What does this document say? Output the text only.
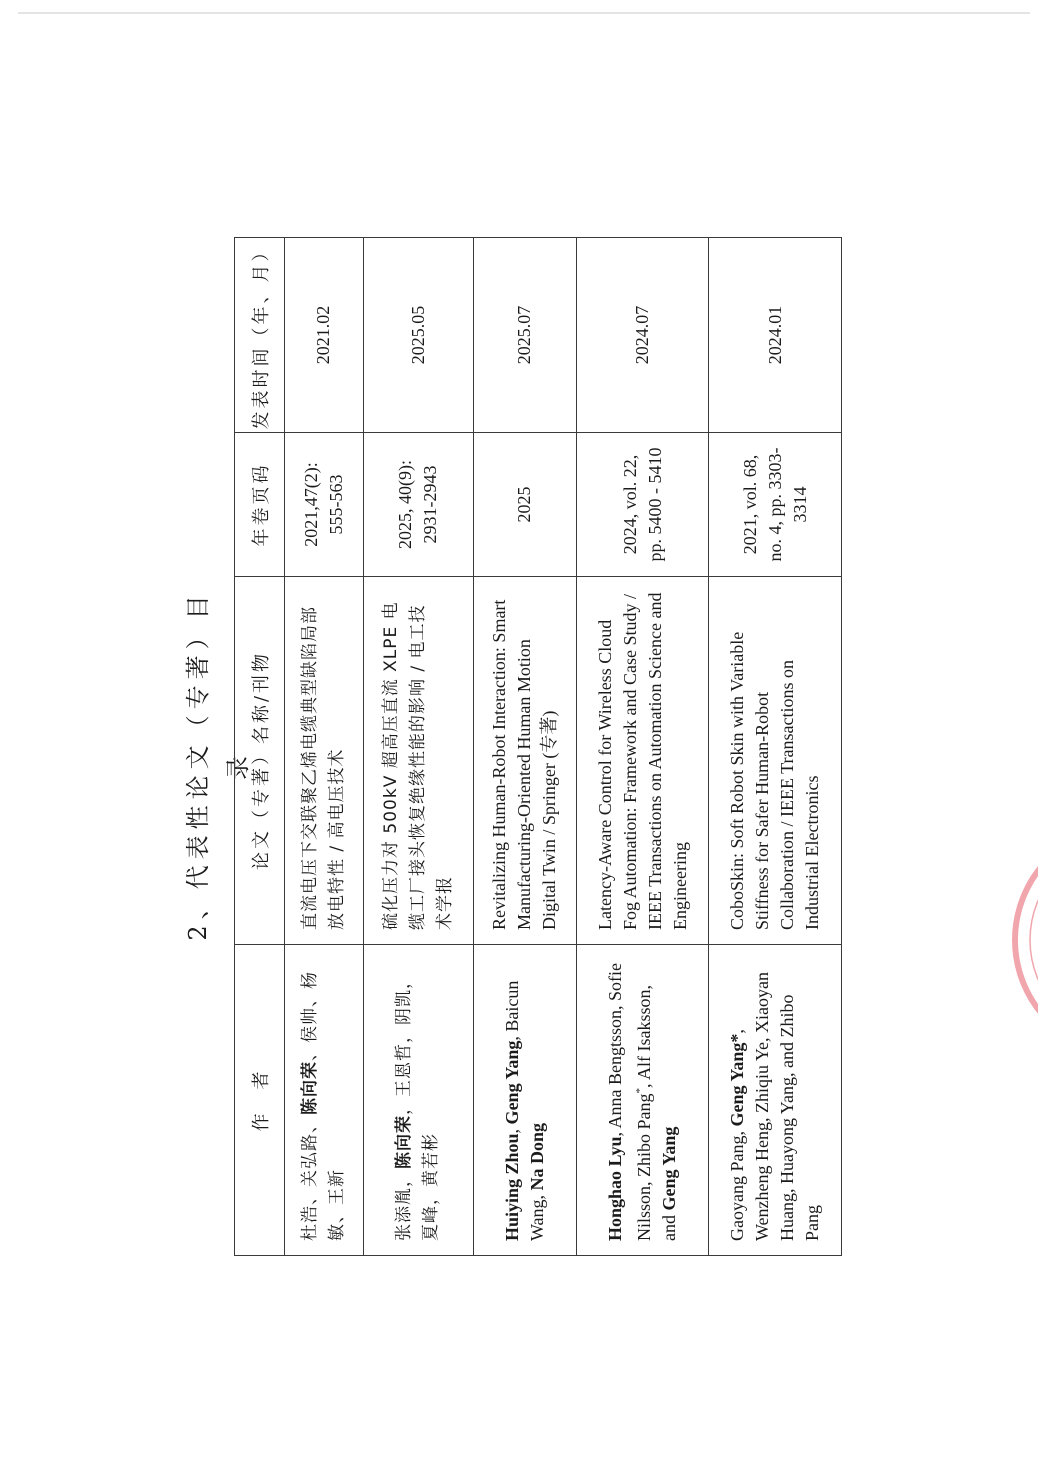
2、代表性论文（专著）目录
作　者	论文（专著）名称/刊物	年卷页码	发表时间（年、月）
杜浩、关弘路、陈向荣、侯帅、杨敏、王新	直流电压下交联聚乙烯电缆典型缺陷局部放电特性 / 高电压技术	2021,47(2): 555-563	2021.02
张添胤，陈向荣，王恩哲，阴凯，夏峰，黄若彬	硫化压力对 500kV 超高压直流 XLPE 电缆工厂接头恢复绝缘性能的影响 / 电工技术学报	2025, 40(9): 2931-2943	2025.05
Huiying Zhou, Geng Yang, Baicun Wang, Na Dong	Revitalizing Human-Robot Interaction: Smart Manufacturing-Oriented Human Motion Digital Twin / Springer (专著)	2025	2025.07
Honghao Lyu, Anna Bengtsson, Sofie Nilsson, Zhibo Pang*, Alf Isaksson, and Geng Yang	Latency-Aware Control for Wireless Cloud Fog Automation: Framework and Case Study / IEEE Transactions on Automation Science and Engineering	2024, vol. 22, pp. 5400 - 5410	2024.07
Gaoyang Pang, Geng Yang*, Wenzheng Heng, Zhiqiu Ye, Xiaoyan Huang, Huayong Yang, and Zhibo Pang	CoboSkin: Soft Robot Skin with Variable Stiffness for Safer Human-Robot Collaboration / IEEE Transactions on Industrial Electronics	2021, vol. 68, no. 4, pp. 3303-3314	2024.01
